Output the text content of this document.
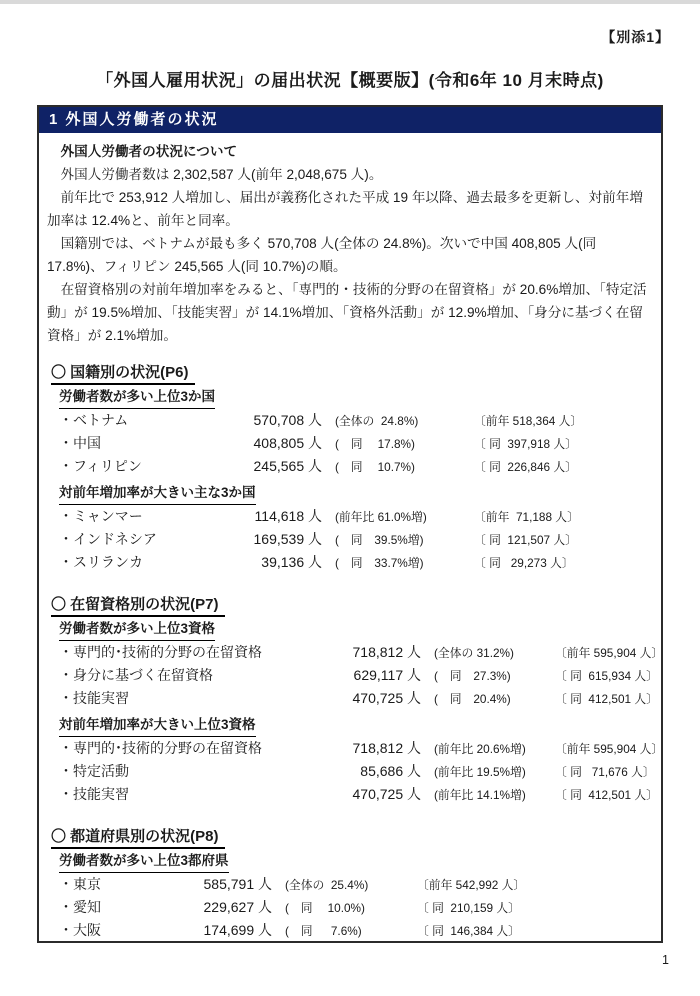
【別添1】
「外国人雇用状況」の届出状況【概要版】(令和6年 10 月末時点)
1 外国人労働者の状況

外国人労働者の状況について

外国人労働者数は 2,302,587 人(前年 2,048,675 人)。

前年比で 253,912 人増加し、届出が義務化された平成 19 年以降、過去最多を更新し、対前年増加率は 12.4%と、前年と同率。

国籍別では、ベトナムが最も多く 570,708 人(全体の 24.8%)。次いで中国 408,805 人(同 17.8%)、フィリピン 245,565 人(同 10.7%)の順。

在留資格別の対前年増加率をみると、「専門的・技術的分野の在留資格」が 20.6%増加、「特定活動」が 19.5%増加、「技能実習」が 14.1%増加、「資格外活動」が 12.9%増加、「身分に基づく在留資格」が 2.1%増加。

〇 国籍別の状況(P6)
労働者数が多い上位3か国
・ベトナム	570,708 人	(全体の  24.8%)	〔前年 518,364 人〕
・中国	408,805 人	(　同　 17.8%)	〔 同  397,918 人〕
・フィリピン	245,565 人	(　同　 10.7%)	〔 同  226,846 人〕
対前年増加率が大きい主な3か国
・ミャンマー	114,618 人	(前年比 61.0%増)	〔前年  71,188 人〕
・インドネシア	169,539 人	(　同　39.5%増)	〔 同  121,507 人〕
・スリランカ	39,136 人	(　同　33.7%増)	〔 同   29,273 人〕
〇 在留資格別の状況(P7)
労働者数が多い上位3資格
・専門的･技術的分野の在留資格	718,812 人	(全体の 31.2%)	〔前年 595,904 人〕
・身分に基づく在留資格	629,117 人	(　同　27.3%)	〔 同  615,934 人〕
・技能実習	470,725 人	(　同　20.4%)	〔 同  412,501 人〕
対前年増加率が大きい上位3資格
・専門的･技術的分野の在留資格	718,812 人	(前年比 20.6%増)	〔前年 595,904 人〕
・特定活動	85,686 人	(前年比 19.5%増)	〔 同   71,676 人〕
・技能実習	470,725 人	(前年比 14.1%増)	〔 同  412,501 人〕
〇 都道府県別の状況(P8)
労働者数が多い上位3都府県
・東京	585,791 人	(全体の  25.4%)	〔前年 542,992 人〕
・愛知	229,627 人	(　同　 10.0%)	〔 同  210,159 人〕
・大阪	174,699 人	(　同　  7.6%)	〔 同  146,384 人〕
1
